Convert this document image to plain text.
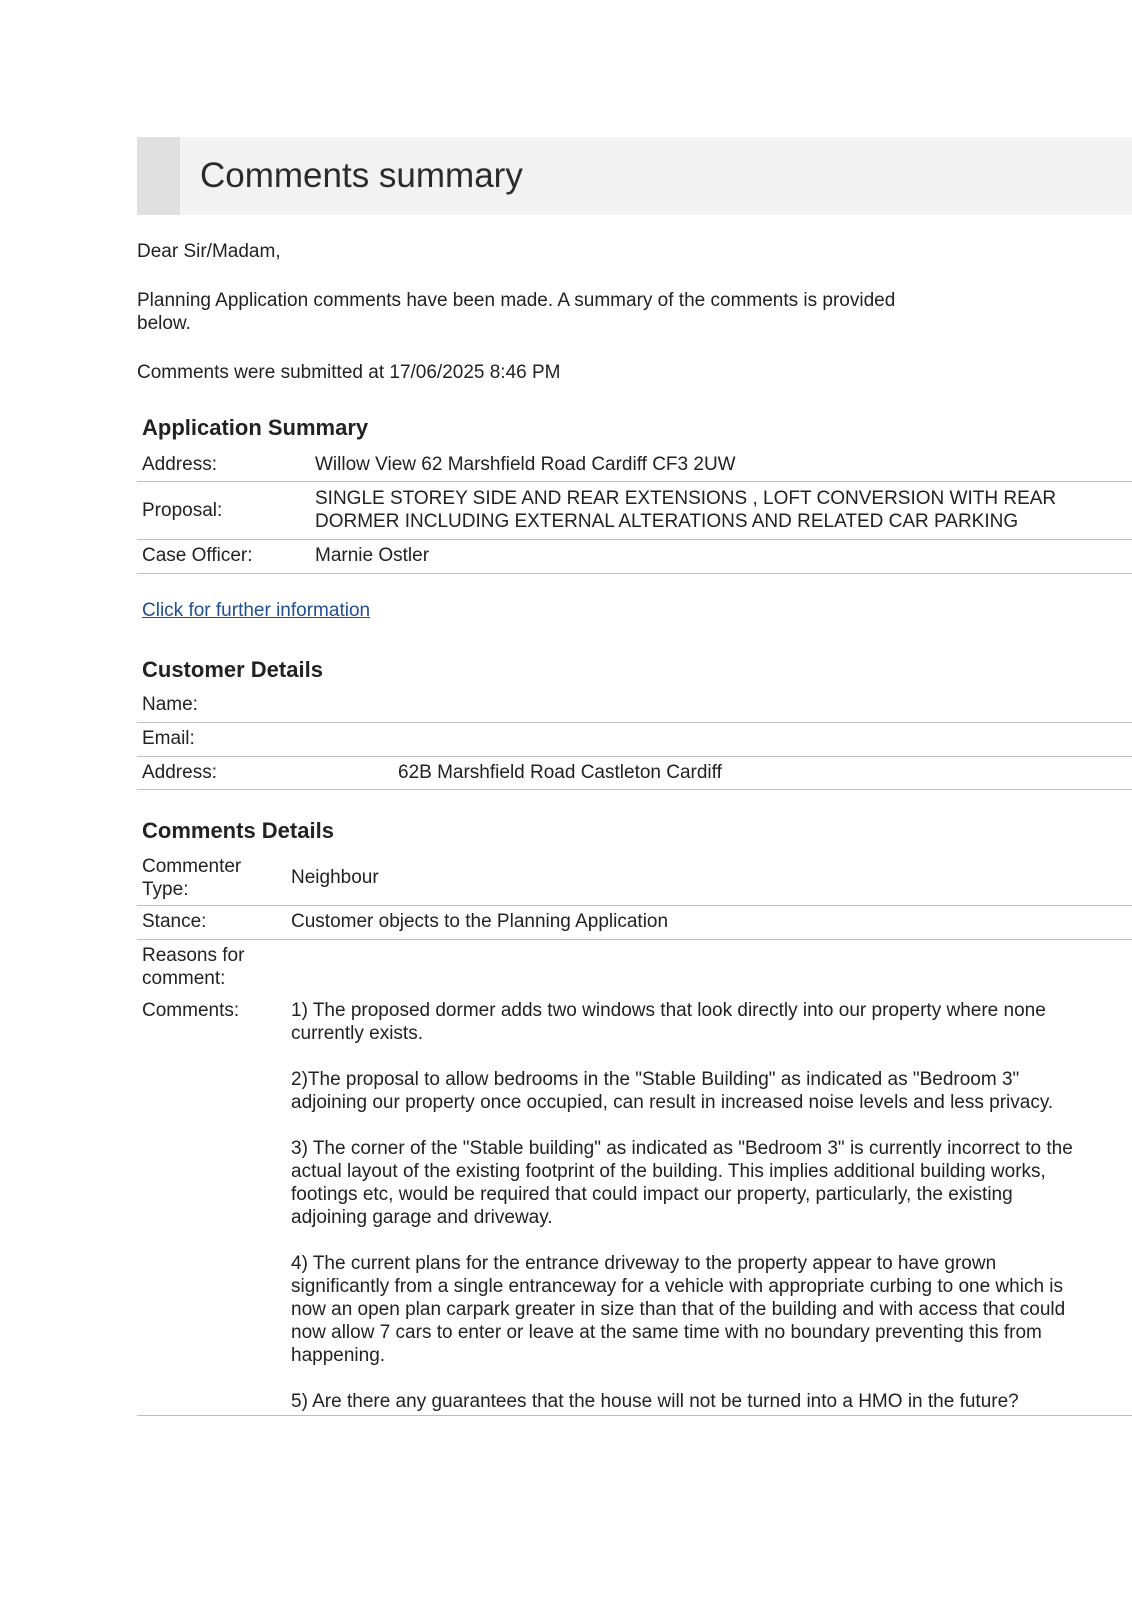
Comments summary
Dear Sir/Madam,
Planning Application comments have been made. A summary of the comments is provided
below.
Comments were submitted at 17/06/2025 8:46 PM
Application Summary
Address:	Willow View 62 Marshfield Road Cardiff CF3 2UW
Proposal:
SINGLE STOREY SIDE AND REAR EXTENSIONS , LOFT CONVERSION WITH REAR
DORMER INCLUDING EXTERNAL ALTERATIONS AND RELATED CAR PARKING
Case Officer:	Marnie Ostler
Click for further information
Customer Details
Name:
Email:
Address:	62B Marshfield Road Castleton Cardiff
Comments Details
Commenter
Type:
Neighbour
Stance:	Customer objects to the Planning Application
Reasons for
comment:
Comments:	1) The proposed dormer adds two windows that look directly into our property where none
currently exists.
2)The proposal to allow bedrooms in the "Stable Building" as indicated as "Bedroom 3"
adjoining our property once occupied, can result in increased noise levels and less privacy.
3) The corner of the "Stable building" as indicated as "Bedroom 3" is currently incorrect to the
actual layout of the existing footprint of the building. This implies additional building works,
footings etc, would be required that could impact our property, particularly, the existing
adjoining garage and driveway.
4) The current plans for the entrance driveway to the property appear to have grown
significantly from a single entranceway for a vehicle with appropriate curbing to one which is
now an open plan carpark greater in size than that of the building and with access that could
now allow 7 cars to enter or leave at the same time with no boundary preventing this from
happening.
5) Are there any guarantees that the house will not be turned into a HMO in the future?
